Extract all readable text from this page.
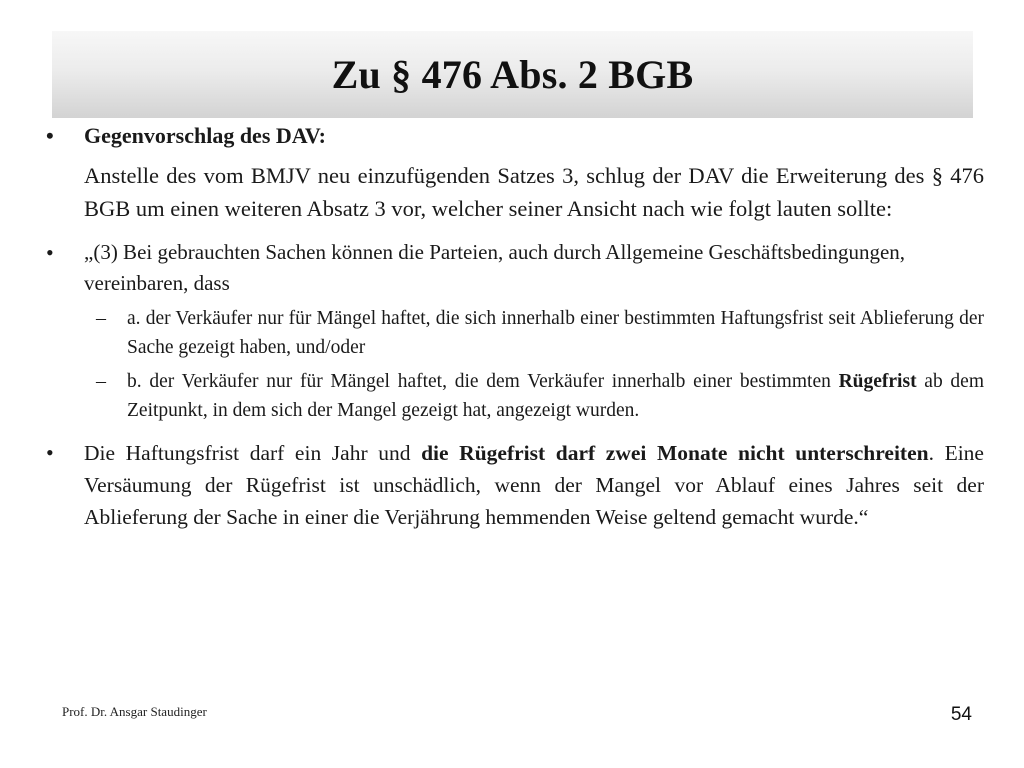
Zu § 476 Abs. 2 BGB
• Gegenvorschlag des DAV:
Anstelle des vom BMJV neu einzufügenden Satzes 3, schlug der DAV die Erweiterung des § 476 BGB um einen weiteren Absatz 3 vor, welcher seiner Ansicht nach wie folgt lauten sollte:
• „(3) Bei gebrauchten Sachen können die Parteien, auch durch Allgemeine Geschäftsbedingungen, vereinbaren, dass
– a. der Verkäufer nur für Mängel haftet, die sich innerhalb einer bestimmten Haftungsfrist seit Ablieferung der Sache gezeigt haben, und/oder
– b. der Verkäufer nur für Mängel haftet, die dem Verkäufer innerhalb einer bestimmten Rügefrist ab dem Zeitpunkt, in dem sich der Mangel gezeigt hat, angezeigt wurden.
• Die Haftungsfrist darf ein Jahr und die Rügefrist darf zwei Monate nicht unterschreiten. Eine Versäumung der Rügefrist ist unschädlich, wenn der Mangel vor Ablauf eines Jahres seit der Ablieferung der Sache in einer die Verjährung hemmenden Weise geltend gemacht wurde.“
Prof. Dr. Ansgar Staudinger	54
